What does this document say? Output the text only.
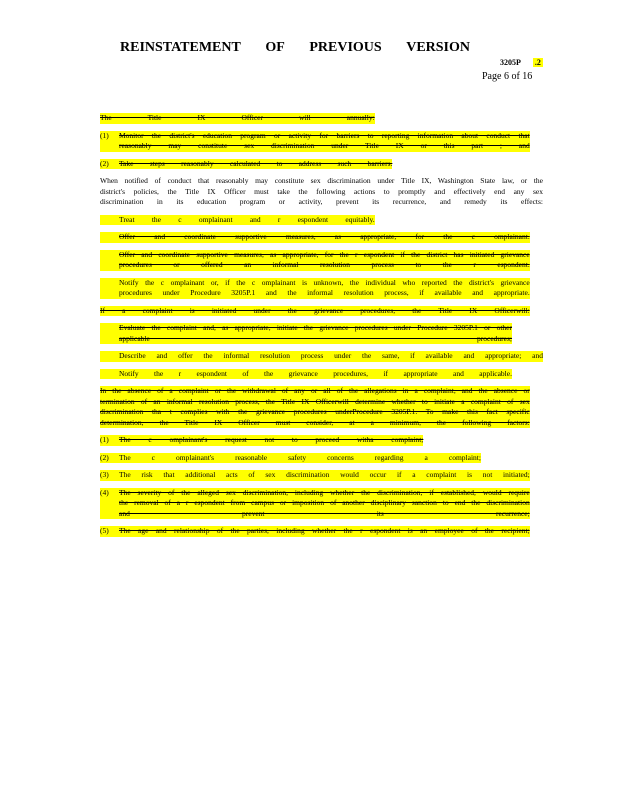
REINSTATEMENT OF PREVIOUS VERSION
3205P .2
Page 6 of 16
The Title IX Officer will annually:
(1)	Monitor the district's education program or activity for barriers to reporting information about conduct that reasonably may constitute sex discrimination under Title IX or this part ; and
(2)	Take steps reasonably calculated to address such barriers.
When notified of conduct that reasonably may constitute sex discrimination under Title IX, Washington State law, or the district's policies, the Title IX Officer must take the following actions to promptly and effectively end any sex discrimination in its education program or activity, prevent its recurrence, and remedy its effects:
Treat the c omplainant and r espondent equitably.
Offer and coordinate supportive measures, as appropriate, for the c omplainant.
Offer and coordinate supportive measures, as appropriate, for the r espondent if the district has initiated grievance procedures or offered an informal resolution process to the r espondent.
Notify the c omplainant or, if the c omplainant is unknown, the individual who reported the district's grievance procedures under Procedure 3205P.1 and the informal resolution process, if available and appropriate.
If a complaint is initiated under the grievance procedures, the Title IX Officerwill:
Evaluate the complaint and, as appropriate, initiate the grievance procedures under Procedure 3205P.1 or other applicable procedures;
Describe and offer the informal resolution process under the same, if available and appropriate; and
Notify the r espondent of the grievance procedures, if appropriate and applicable.
In the absence of a complaint or the withdrawal of any or all of the allegations in a complaint, and the absence or termination of an informal resolution process, the Title IX Officerwill determine whether to initiate a complaint of sex discrimination tha t complies with the grievance procedures underProcedure 3205P.1. To make this fact specific determination, the Title IX Officer must consider, at a minimum, the following factors:
(1)	The c omplainant's request not to proceed witha complaint;
(2)	The c omplainant's reasonable safety concerns regarding a complaint;
(3)	The risk that additional acts of sex discrimination would occur if a complaint is not initiated;
(4)	The severity of the alleged sex discrimination, including whether the discrimination, if established, would require the removal of a r espondent from campus or imposition of another disciplinary sanction to end the discrimination and prevent its recurrence;
(5)	The age and relationship of the parties, including whether the r espondent is an employee of the recipient;
